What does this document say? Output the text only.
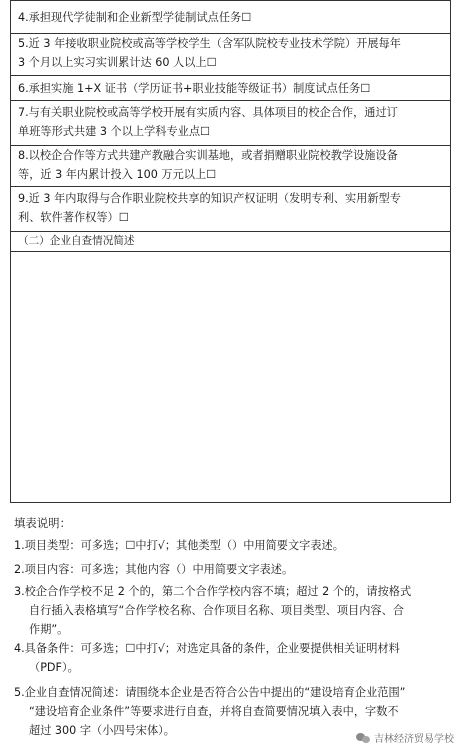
4.承担现代学徒制和企业新型学徒制试点任务☐
5.近 3 年接收职业院校或高等学校学生（含军队院校专业技术学院）开展每年
3 个月以上实习实训累计达 60 人以上☐
6.承担实施 1+X 证书（学历证书+职业技能等级证书）制度试点任务☐
7.与有关职业院校或高等学校开展有实质内容、具体项目的校企合作，通过订
单班等形式共建 3 个以上学科专业点☐
8.以校企合作等方式共建产教融合实训基地，或者捐赠职业院校教学设施设备
等，近 3 年内累计投入 100 万元以上☐
9.近 3 年内取得与合作职业院校共享的知识产权证明（发明专利、实用新型专
利、软件著作权等）☐
（二）企业自查情况简述
填表说明：
1.项目类型：可多选；☐中打√；其他类型（）中用简要文字表述。
2.项目内容：可多选；其他内容（）中用简要文字表述。
3.校企合作学校不足 2 个的，第二个合作学校内容不填；超过 2 个的，请按格式
自行插入表格填写“合作学校名称、合作项目名称、项目类型、项目内容、合
作期”。
4.具备条件：可多选；☐中打√；对选定具备的条件，企业要提供相关证明材料
（PDF）。
5.企业自查情况简述：请围绕本企业是否符合公告中提出的“建设培育企业范围”
“建设培育企业条件”等要求进行自查，并将自查简要情况填入表中，字数不
超过 300 字（小四号宋体）。
吉林经济贸易学校
